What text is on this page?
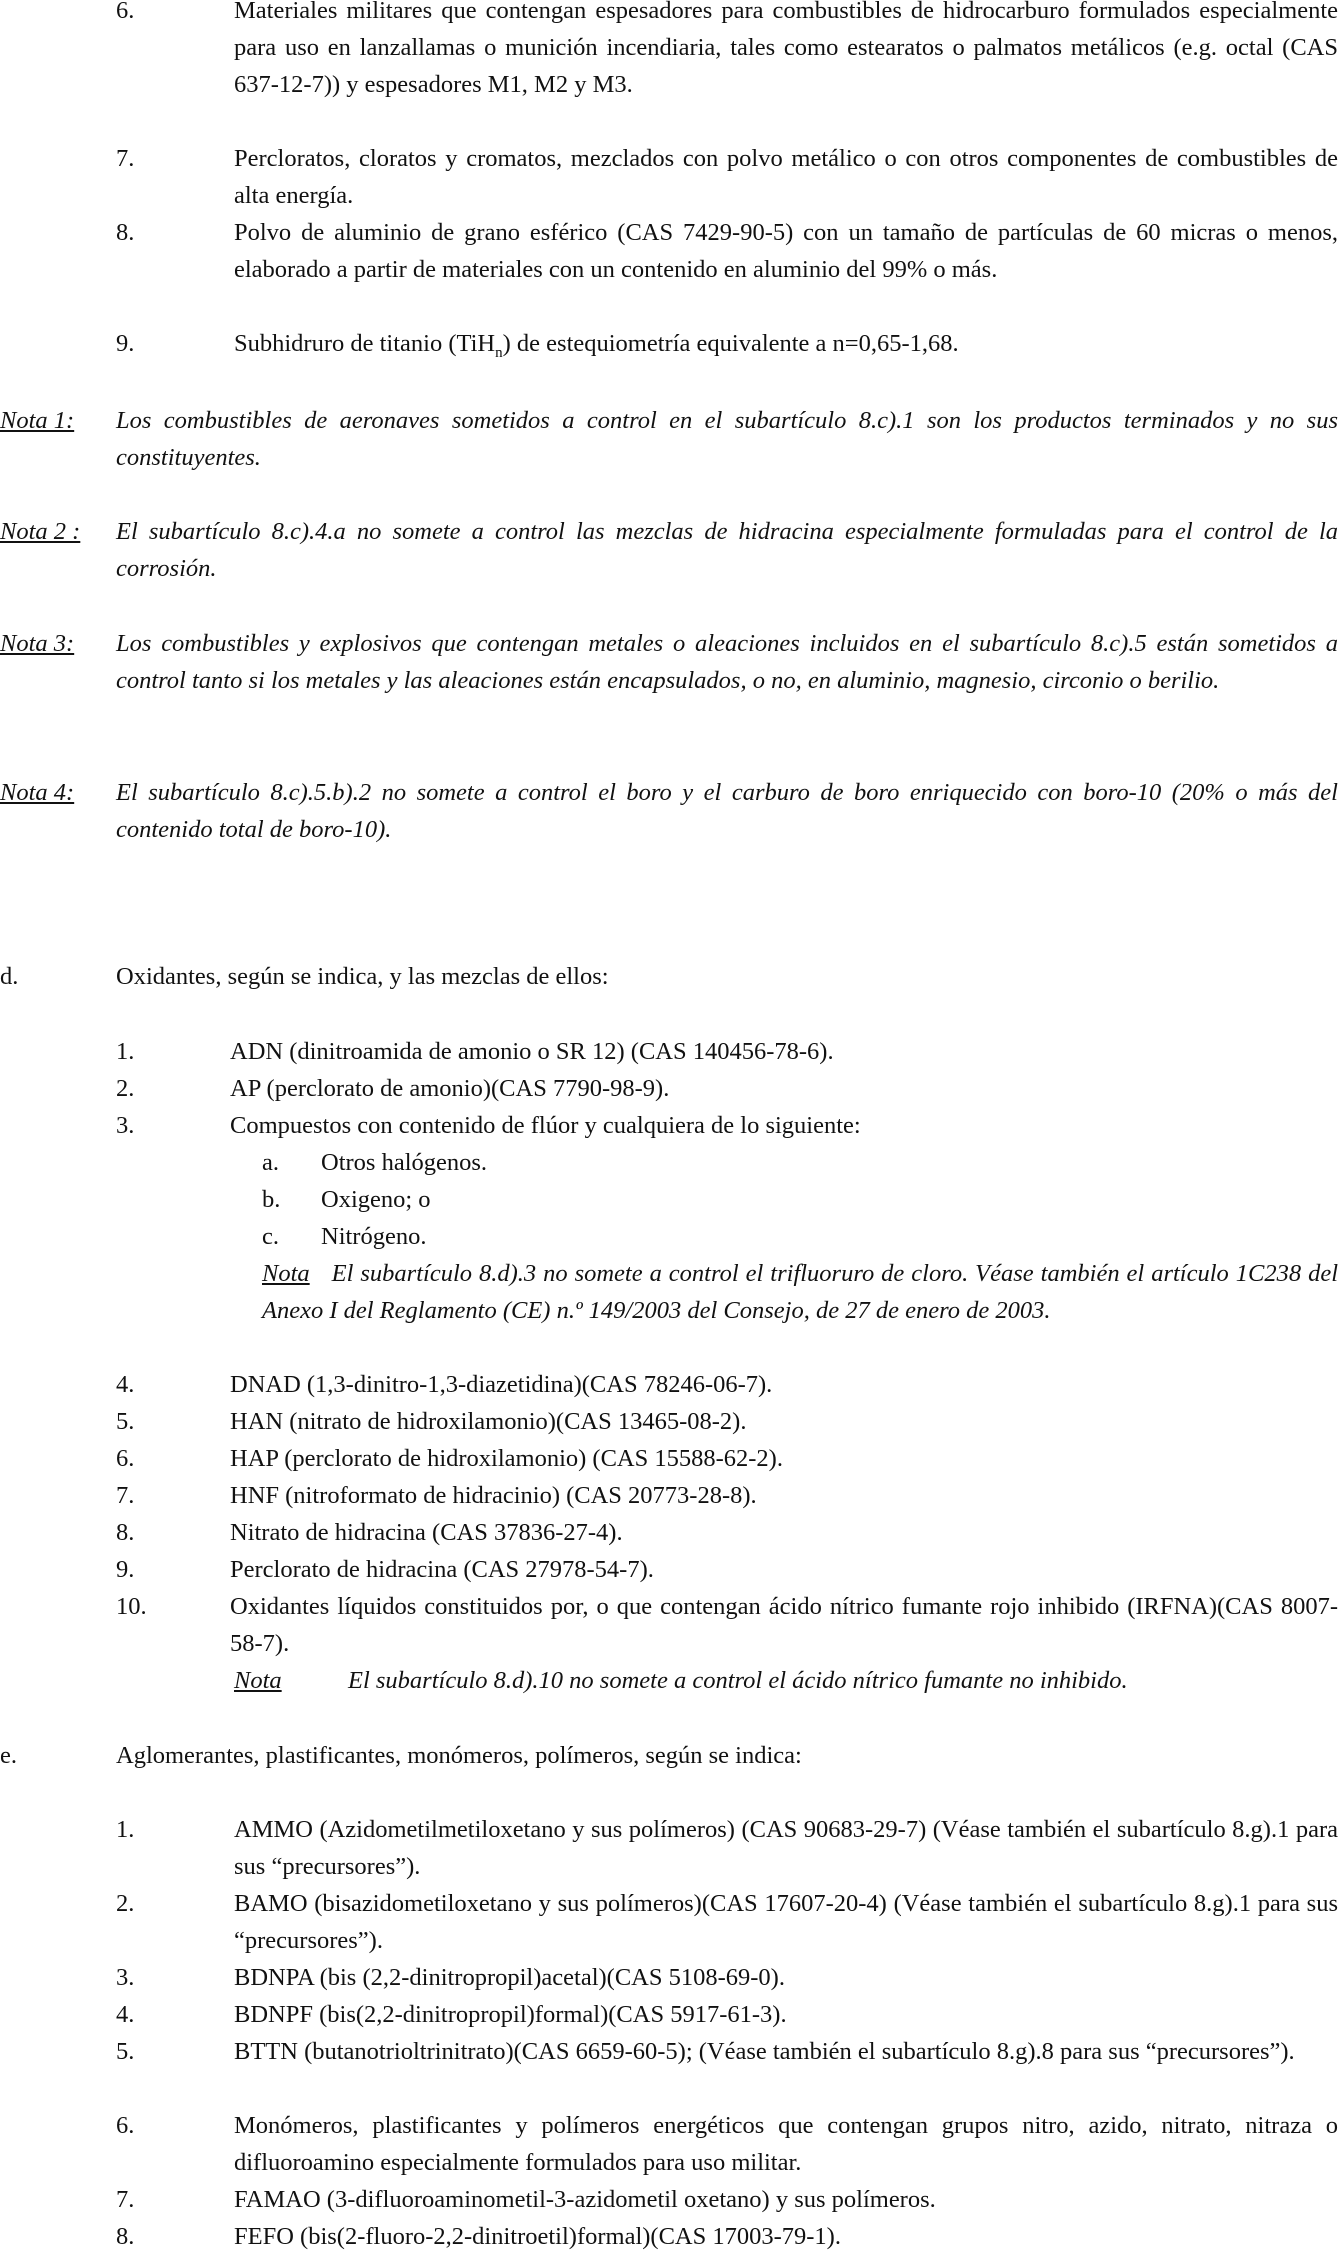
6.	Materiales militares que contengan espesadores para combustibles de hidrocarburo formulados especialmente para uso en lanzallamas o munición incendiaria, tales como estearatos o palmatos metálicos (e.g. octal (CAS 637-12-7)) y espesadores M1, M2 y M3.
7.	Percloratos, cloratos y cromatos, mezclados con polvo metálico o con otros componentes de combustibles de alta energía.
8.	Polvo de aluminio de grano esférico (CAS 7429-90-5) con un tamaño de partículas de 60 micras o menos, elaborado a partir de materiales con un contenido en aluminio del 99% o más.
9.	Subhidruro de titanio (TiH$_n$) de estequiometría equivalente a n=0,65-1,68.
Nota 1: Los combustibles de aeronaves sometidos a control en el subartículo 8.c).1 son los productos terminados y no sus constituyentes.
Nota 2 : El subartículo 8.c).4.a no somete a control las mezclas de hidracina especialmente formuladas para el control de la corrosión.
Nota 3: Los combustibles y explosivos que contengan metales o aleaciones incluidos en el subartículo 8.c).5 están sometidos a control tanto si los metales y las aleaciones están encapsulados, o no, en aluminio, magnesio, circonio o berilio.
Nota 4: El subartículo 8.c).5.b).2 no somete a control el boro y el carburo de boro enriquecido con boro-10 (20% o más del contenido total de boro-10).
d.	Oxidantes, según se indica, y las mezclas de ellos:
1.	ADN (dinitroamida de amonio o SR 12) (CAS 140456-78-6).
2.	AP (perclorato de amonio)(CAS 7790-98-9).
3.	Compuestos con contenido de flúor y cualquiera de lo siguiente:
a. Otros halógenos.
b. Oxigeno; o
c. Nitrógeno.
Nota El subartículo 8.d).3 no somete a control el trifluoruro de cloro. Véase también el artículo 1C238 del Anexo I del Reglamento (CE) n.º 149/2003 del Consejo, de 27 de enero de 2003.
4.	DNAD (1,3-dinitro-1,3-diazetidina)(CAS 78246-06-7).
5.	HAN (nitrato de hidroxilamonio)(CAS 13465-08-2).
6.	HAP (perclorato de hidroxilamonio) (CAS 15588-62-2).
7.	HNF (nitroformato de hidracinio) (CAS 20773-28-8).
8.	Nitrato de hidracina (CAS 37836-27-4).
9.	Perclorato de hidracina (CAS 27978-54-7).
10.	Oxidantes líquidos constituidos por, o que contengan ácido nítrico fumante rojo inhibido (IRFNA)(CAS 8007-58-7).
Nota	El subartículo 8.d).10 no somete a control el ácido nítrico fumante no inhibido.
e.	Aglomerantes, plastificantes, monómeros, polímeros, según se indica:
1.	AMMO (Azidometilmetiloxetano y sus polímeros) (CAS 90683-29-7) (Véase también el subartículo 8.g).1 para sus “precursores”).
2.	BAMO (bisazidometiloxetano y sus polímeros)(CAS 17607-20-4) (Véase también el subartículo 8.g).1 para sus “precursores”).
3.	BDNPA (bis (2,2-dinitropropil)acetal)(CAS 5108-69-0).
4.	BDNPF (bis(2,2-dinitropropil)formal)(CAS 5917-61-3).
5.	BTTN (butanotrioltrinitrato)(CAS 6659-60-5); (Véase también el subartículo 8.g).8 para sus “precursores”).
6.	Monómeros, plastificantes y polímeros energéticos que contengan grupos nitro, azido, nitrato, nitraza o difluoroamino especialmente formulados para uso militar.
7.	FAMAO (3-difluoroaminometil-3-azidometil oxetano) y sus polímeros.
8.	FEFO (bis(2-fluoro-2,2-dinitroetil)formal)(CAS 17003-79-1).
